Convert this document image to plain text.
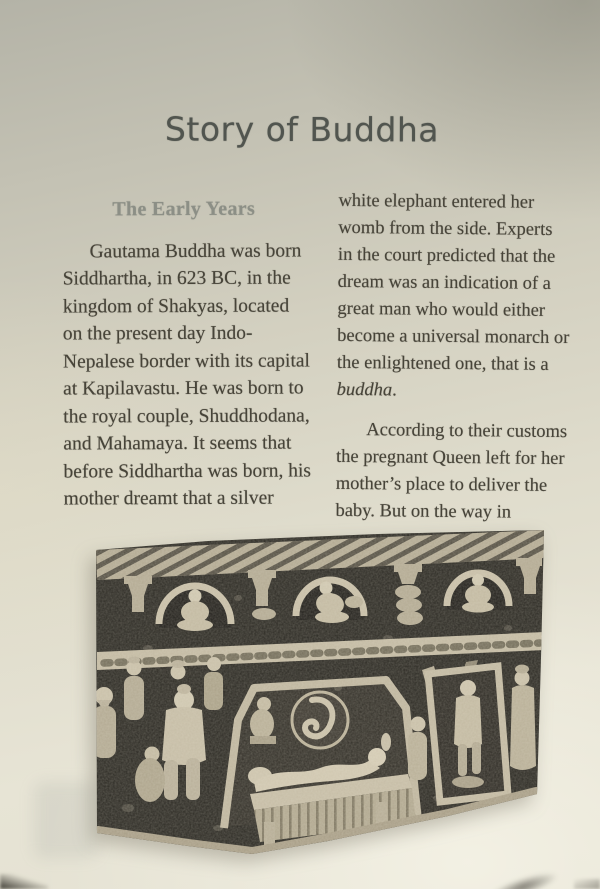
Story of Buddha
The Early Years

Gautama Buddha was born Siddhartha, in 623 BC, in the kingdom of Shakyas, located on the present day Indo-Nepalese border with its capital at Kapilavastu. He was born to the royal couple, Shuddhodana, and Mahamaya. It seems that before Siddhartha was born, his mother dreamt that a silver

white elephant entered her womb from the side. Experts in the court predicted that the dream was an indication of a great man who would either become a universal monarch or the enlightened one, that is a buddha.

According to their customs the pregnant Queen left for her mother’s place to deliver the baby. But on the way in
